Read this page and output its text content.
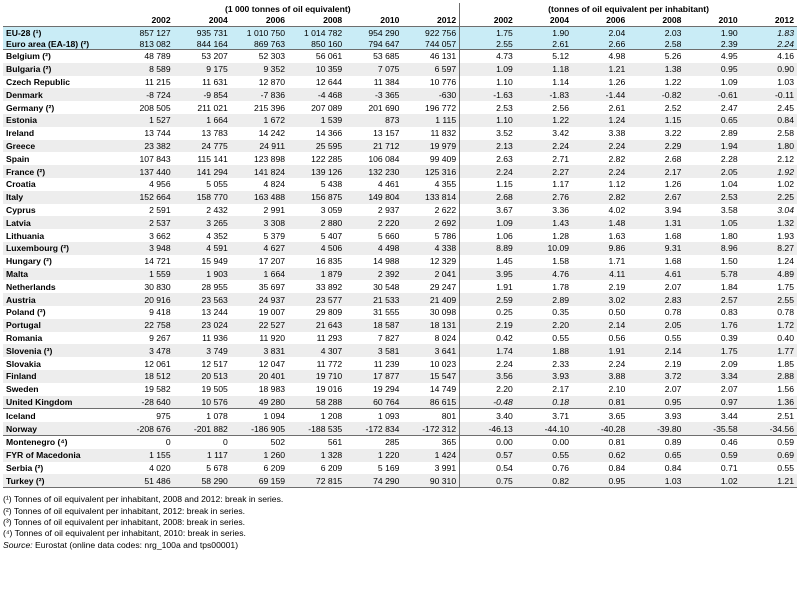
	(1 000 tonnes of oil equivalent)						(tonnes of oil equivalent per inhabitant)					
	2002	2004	2006	2008	2010	2012	2002	2004	2006	2008	2010	2012
EU-28 (¹)	857 127	935 731	1 010 750	1 014 782	954 290	922 756	1.75	1.90	2.04	2.03	1.90	1.83
Euro area (EA-18) (²)	813 082	844 164	869 763	850 160	794 647	744 057	2.55	2.61	2.66	2.58	2.39	2.24
Belgium (²)	48 789	53 207	52 303	56 061	53 685	46 131	4.73	5.12	4.98	5.26	4.95	4.16
Bulgaria (²)	8 589	9 175	9 352	10 359	7 075	6 597	1.09	1.18	1.21	1.38	0.95	0.90
Czech Republic	11 215	11 631	12 870	12 644	11 384	10 776	1.10	1.14	1.26	1.22	1.09	1.03
Denmark	-8 724	-9 854	-7 836	-4 468	-3 365	-630	-1.63	-1.83	-1.44	-0.82	-0.61	-0.11
Germany (²)	208 505	211 021	215 396	207 089	201 690	196 772	2.53	2.56	2.61	2.52	2.47	2.45
Estonia	1 527	1 664	1 672	1 539	873	1 115	1.10	1.22	1.24	1.15	0.65	0.84
Ireland	13 744	13 783	14 242	14 366	13 157	11 832	3.52	3.42	3.38	3.22	2.89	2.58
Greece	23 382	24 775	24 911	25 595	21 712	19 979	2.13	2.24	2.24	2.29	1.94	1.80
Spain	107 843	115 141	123 898	122 285	106 084	99 409	2.63	2.71	2.82	2.68	2.28	2.12
France (²)	137 440	141 294	141 824	139 126	132 230	125 316	2.24	2.27	2.24	2.17	2.05	1.92
Croatia	4 956	5 055	4 824	5 438	4 461	4 355	1.15	1.17	1.12	1.26	1.04	1.02
Italy	152 664	158 770	163 488	156 875	149 804	133 814	2.68	2.76	2.82	2.67	2.53	2.25
Cyprus	2 591	2 432	2 991	3 059	2 937	2 622	3.67	3.36	4.02	3.94	3.58	3.04
Latvia	2 537	3 265	3 308	2 880	2 220	2 692	1.09	1.43	1.48	1.31	1.05	1.32
Lithuania	3 662	4 352	5 379	5 407	5 660	5 786	1.06	1.28	1.63	1.68	1.80	1.93
Luxembourg (²)	3 948	4 591	4 627	4 506	4 498	4 338	8.89	10.09	9.86	9.31	8.96	8.27
Hungary (²)	14 721	15 949	17 207	16 835	14 988	12 329	1.45	1.58	1.71	1.68	1.50	1.24
Malta	1 559	1 903	1 664	1 879	2 392	2 041	3.95	4.76	4.11	4.61	5.78	4.89
Netherlands	30 830	28 955	35 697	33 892	30 548	29 247	1.91	1.78	2.19	2.07	1.84	1.75
Austria	20 916	23 563	24 937	23 577	21 533	21 409	2.59	2.89	3.02	2.83	2.57	2.55
Poland (²)	9 418	13 244	19 007	29 809	31 555	30 098	0.25	0.35	0.50	0.78	0.83	0.78
Portugal	22 758	23 024	22 527	21 643	18 587	18 131	2.19	2.20	2.14	2.05	1.76	1.72
Romania	9 267	11 936	11 920	11 293	7 827	8 024	0.42	0.55	0.56	0.55	0.39	0.40
Slovenia (³)	3 478	3 749	3 831	4 307	3 581	3 641	1.74	1.88	1.91	2.14	1.75	1.77
Slovakia	12 061	12 517	12 047	11 772	11 239	10 023	2.24	2.33	2.24	2.19	2.09	1.85
Finland	18 512	20 513	20 401	19 710	17 877	15 547	3.56	3.93	3.88	3.72	3.34	2.88
Sweden	19 582	19 505	18 983	19 016	19 294	14 749	2.20	2.17	2.10	2.07	2.07	1.56
United Kingdom	-28 640	10 576	49 280	58 288	60 764	86 615	-0.48	0.18	0.81	0.95	0.97	1.36
Iceland	975	1 078	1 094	1 208	1 093	801	3.40	3.71	3.65	3.93	3.44	2.51
Norway	-208 676	-201 882	-186 905	-188 535	-172 834	-172 312	-46.13	-44.10	-40.28	-39.80	-35.58	-34.56
Montenegro (⁴)	0	0	502	561	285	365	0.00	0.00	0.81	0.89	0.46	0.59
FYR of Macedonia	1 155	1 117	1 260	1 328	1 220	1 424	0.57	0.55	0.62	0.65	0.59	0.69
Serbia (²)	4 020	5 678	6 209	6 209	5 169	3 991	0.54	0.76	0.84	0.84	0.71	0.55
Turkey (²)	51 486	58 290	69 159	72 815	74 290	90 310	0.75	0.82	0.95	1.03	1.02	1.21
(¹) Tonnes of oil equivalent per inhabitant, 2008 and 2012: break in series.
(²) Tonnes of oil equivalent per inhabitant, 2012: break in series.
(³) Tonnes of oil equivalent per inhabitant, 2008: break in series.
(⁴) Tonnes of oil equivalent per inhabitant, 2010: break in series.
Source: Eurostat (online data codes: nrg_100a and tps00001)
